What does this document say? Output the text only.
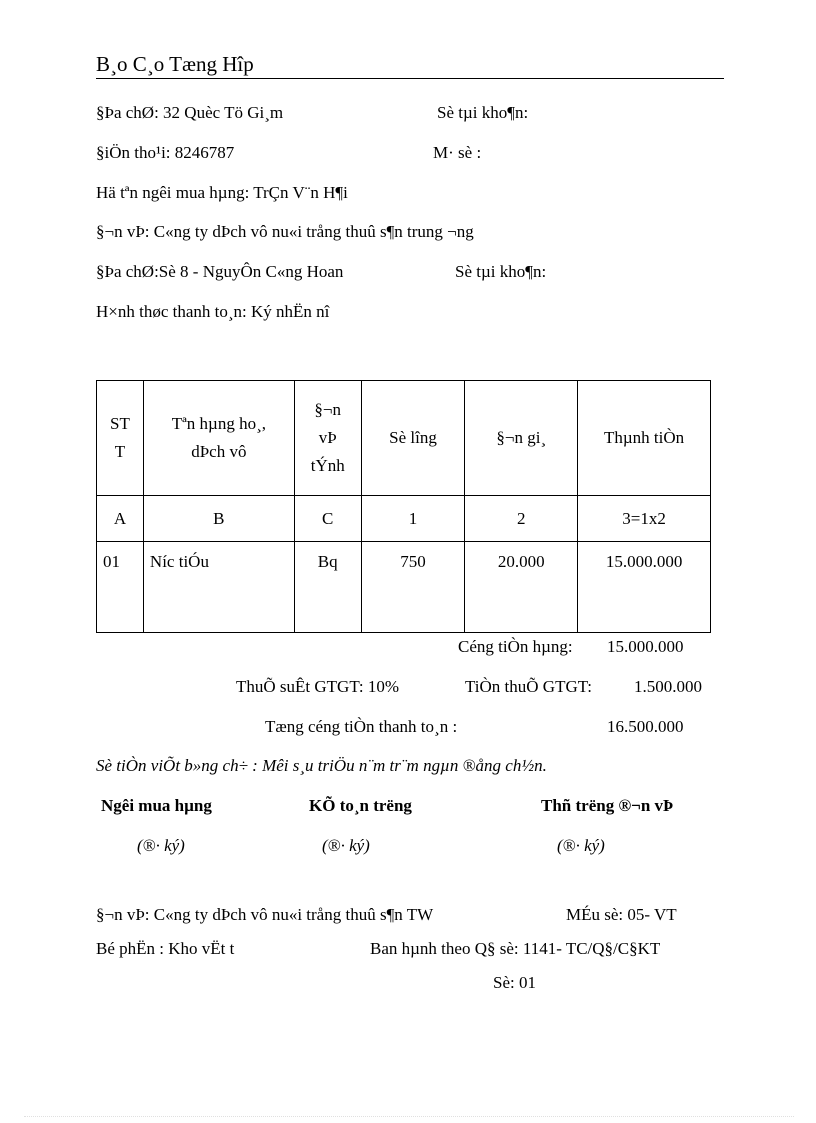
B¸o C¸o Tæng Hîp
§Þa chØ: 32 Quèc Tö Gi¸m	Sè tµi kho¶n:
§iÖn tho¹i: 8246787	M· sè :
Hä tªn ngêi mua hµng: TrÇn V¨n H¶i
§¬n vÞ: C«ng ty dÞch vô nu«i trång thuû s¶n trung ¬ng
§Þa chØ:Sè 8 - NguyÔn C«ng Hoan	Sè tµi kho¶n:
H×nh thøc thanh to¸n: Ký nhËn nî
ST T	Tªn hµng ho¸, dÞch vô	§¬n vÞ tÝnh	Sè lîng	§¬n gi¸	Thµnh tiÒn
A	B	C	1	2	3=1x2
01	Níc tiÓu	Bq	750	20.000	15.000.000
Céng tiÒn hµng: 15.000.000
ThuÕ suÊt GTGT: 10%	TiÒn thuÕ GTGT: 1.500.000
Tæng céng tiÒn thanh to¸n :	16.500.000
Sè tiÒn viÕt b»ng ch÷ : Mêi s¸u triÖu n¨m tr¨m ngµn ®ång ch½n.
Ngêi mua hµng	KÕ to¸n trëng	Thñ trëng ®¬n vÞ
(®· ký)	(®· ký)	(®· ký)
§¬n vÞ: C«ng ty dÞch vô nu«i trång thuû s¶n TW	MÉu sè: 05- VT
Bé phËn : Kho vËt t	Ban hµnh theo Q§ sè: 1141- TC/Q§/C§KT
Sè: 01
